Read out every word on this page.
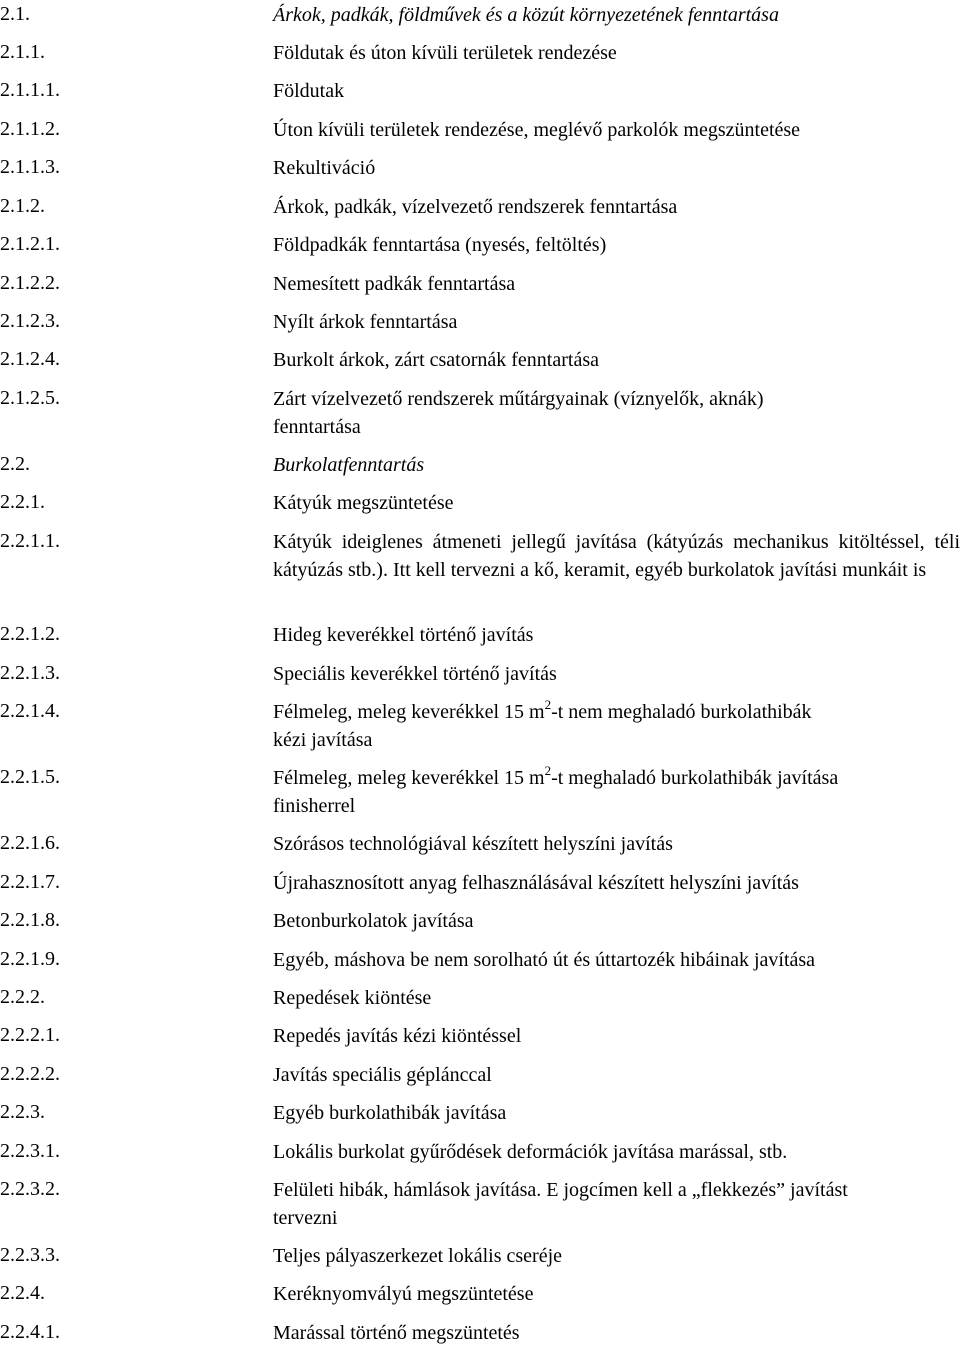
2.1.	Árkok, padkák, földművek és a közút környezetének fenntartása
2.1.1.	Földutak és úton kívüli területek rendezése
2.1.1.1.	Földutak
2.1.1.2.	Úton kívüli területek rendezése, meglévő parkolók megszüntetése
2.1.1.3.	Rekultiváció
2.1.2.	Árkok, padkák, vízelvezető rendszerek fenntartása
2.1.2.1.	Földpadkák fenntartása (nyesés, feltöltés)
2.1.2.2.	Nemesített padkák fenntartása
2.1.2.3.	Nyílt árkok fenntartása
2.1.2.4.	Burkolt árkok, zárt csatornák fenntartása
2.1.2.5.	Zárt vízelvezető rendszerek műtárgyainak (víznyelők, aknák)
fenntartása
2.2.	Burkolatfenntartás
2.2.1.	Kátyúk megszüntetése
2.2.1.1.	Kátyúk ideiglenes átmeneti jellegű javítása (kátyúzás mechanikus kitöltéssel, téli kátyúzás stb.). Itt kell tervezni a kő, keramit, egyéb burkolatok javítási munkáit is
2.2.1.2.	Hideg keverékkel történő javítás
2.2.1.3.	Speciális keverékkel történő javítás
2.2.1.4.	Félmeleg, meleg keverékkel 15 $m^2-t$ nem meghaladó burkolathibák
kézi javítása
2.2.1.5.	Félmeleg, meleg keverékkel 15 $m^2-t$ meghaladó burkolathibák javítása
finisherrel
2.2.1.6.	Szórásos technológiával készített helyszíni javítás
2.2.1.7.	Újrahasznosított anyag felhasználásával készített helyszíni javítás
2.2.1.8.	Betonburkolatok javítása
2.2.1.9.	Egyéb, máshova be nem sorolható út és úttartozék hibáinak javítása
2.2.2.	Repedések kiöntése
2.2.2.1.	Repedés javítás kézi kiöntéssel
2.2.2.2.	Javítás speciális géplánccal
2.2.3.	Egyéb burkolathibák javítása
2.2.3.1.	Lokális burkolat gyűrődések deformációk javítása marással, stb.
2.2.3.2.	Felületi hibák, hámlások javítása. E jogcímen kell a „flekkezés” javítást
tervezni
2.2.3.3.	Teljes pályaszerkezet lokális cseréje
2.2.4.	Keréknyomvályú megszüntetése
2.2.4.1.	Marással történő megszüntetés
